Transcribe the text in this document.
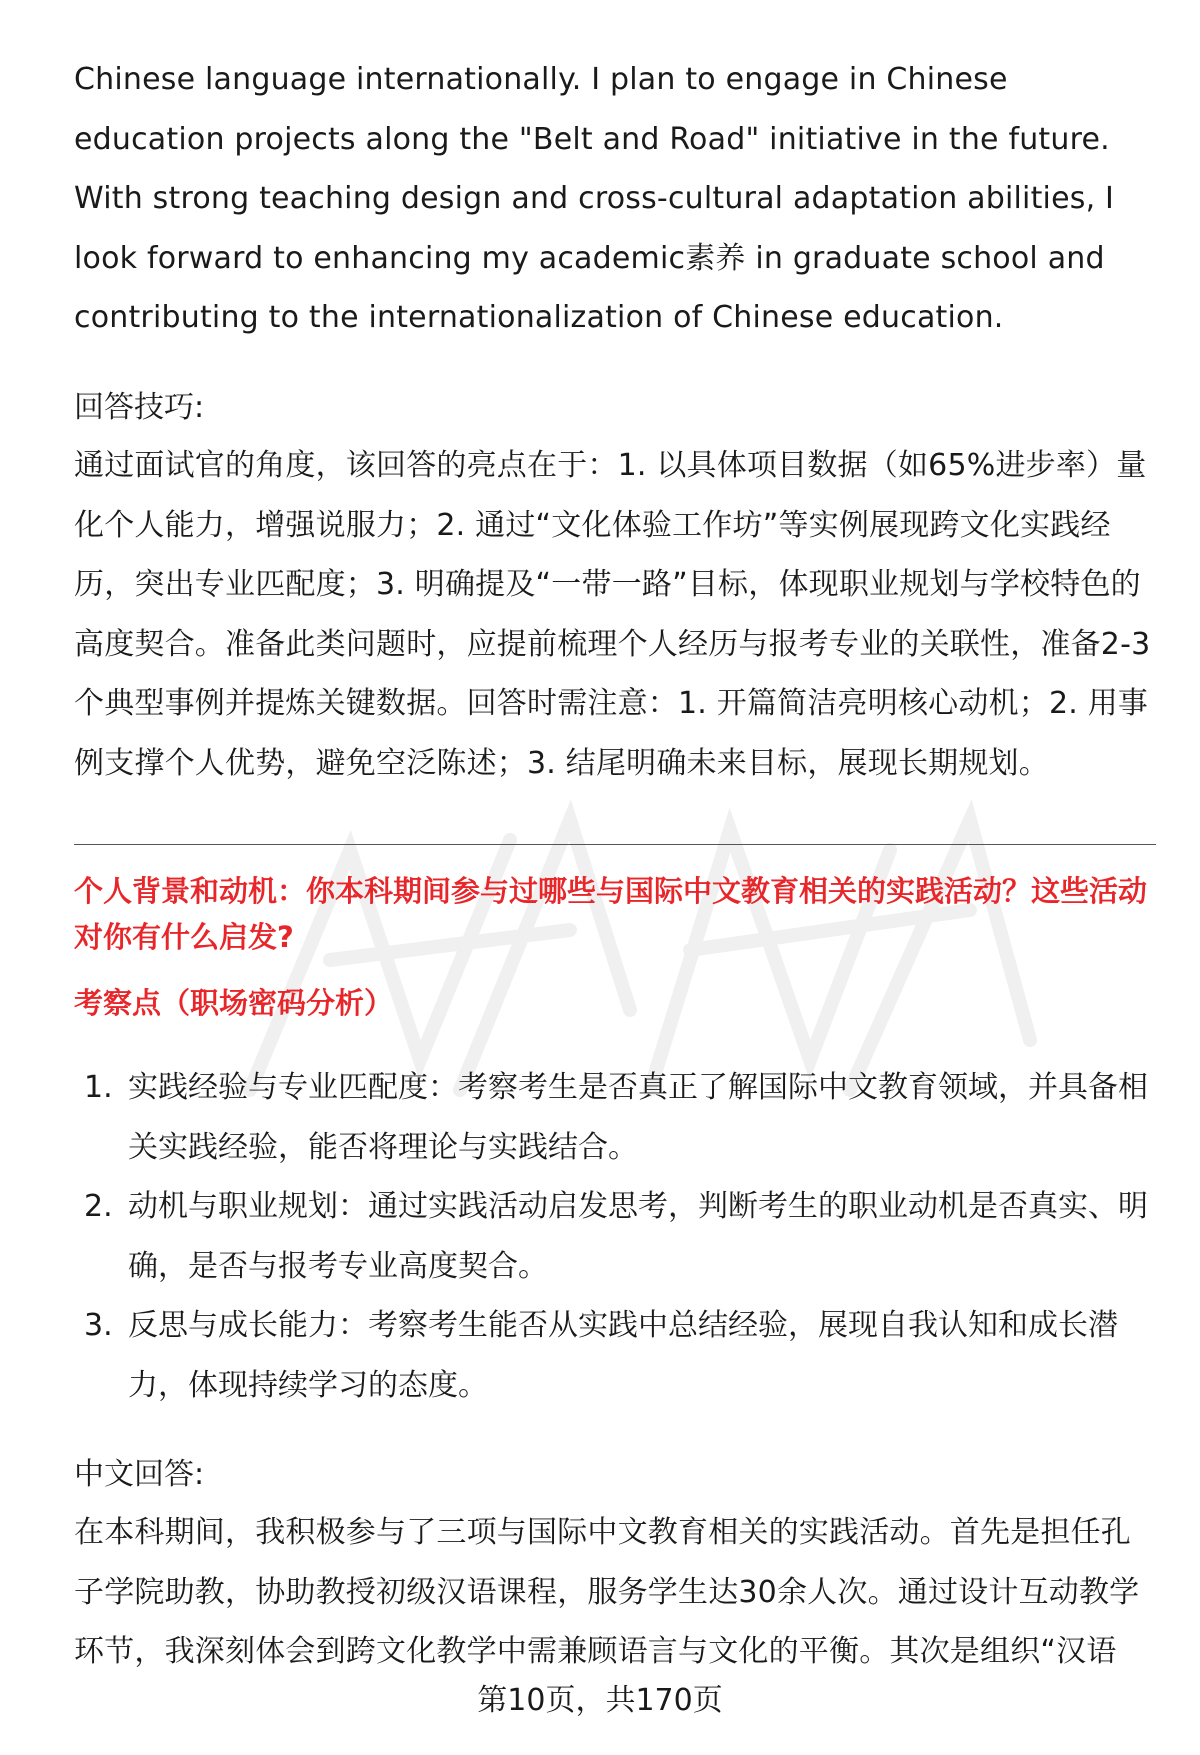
Chinese language internationally. I plan to engage in Chinese education projects along the "Belt and Road" initiative in the future. With strong teaching design and cross-cultural adaptation abilities, I look forward to enhancing my academic素养 in graduate school and contributing to the internationalization of Chinese education.

回答技巧:

通过面试官的角度，该回答的亮点在于：1. 以具体项目数据（如65%进步率）量化个人能力，增强说服力；2. 通过“文化体验工作坊”等实例展现跨文化实践经历，突出专业匹配度；3. 明确提及“一带一路”目标，体现职业规划与学校特色的高度契合。准备此类问题时，应提前梳理个人经历与报考专业的关联性，准备2-3个典型事例并提炼关键数据。回答时需注意：1. 开篇简洁亮明核心动机；2. 用事例支撑个人优势，避免空泛陈述；3. 结尾明确未来目标，展现长期规划。

个人背景和动机：你本科期间参与过哪些与国际中文教育相关的实践活动？这些活动对你有什么启发?

考察点（职场密码分析）
1. 实践经验与专业匹配度：考察考生是否真正了解国际中文教育领域，并具备相关实践经验，能否将理论与实践结合。
2. 动机与职业规划：通过实践活动启发思考，判断考生的职业动机是否真实、明确，是否与报考专业高度契合。
3. 反思与成长能力：考察考生能否从实践中总结经验，展现自我认知和成长潜力，体现持续学习的态度。
中文回答:

在本科期间，我积极参与了三项与国际中文教育相关的实践活动。首先是担任孔子学院助教，协助教授初级汉语课程，服务学生达30余人次。通过设计互动教学环节，我深刻体会到跨文化教学中需兼顾语言与文化的平衡。其次是组织“汉语

第10页，共170页
